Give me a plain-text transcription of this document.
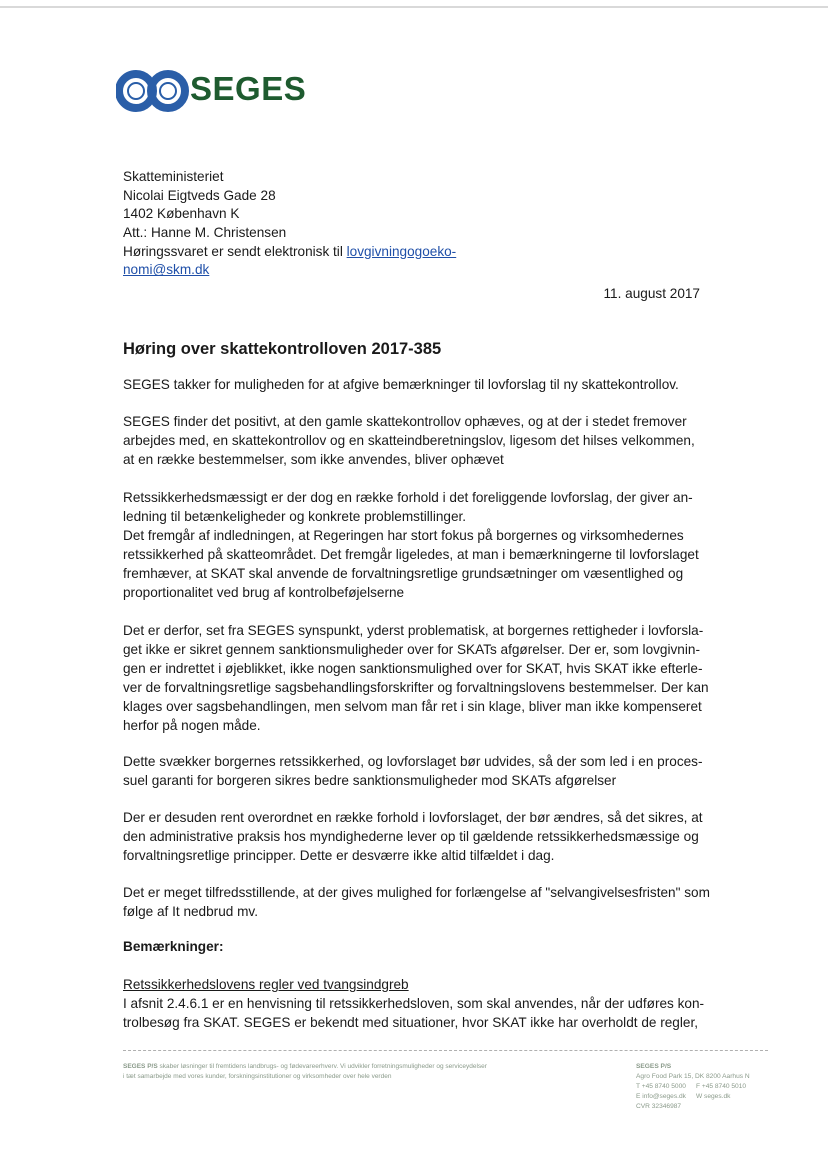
SEGES
Skatteministeriet
Nicolai Eigtveds Gade 28
1402 København K
Att.: Hanne M. Christensen
Høringssvaret er sendt elektronisk til lovgivningogoeko-
nomi@skm.dk
11. august 2017
Høring over skattekontrolloven 2017-385
SEGES takker for muligheden for at afgive bemærkninger til lovforslag til ny skattekontrollov.
SEGES finder det positivt, at den gamle skattekontrollov ophæves, og at der i stedet fremover
arbejdes med, en skattekontrollov og en skatteindberetningslov, ligesom det hilses velkommen,
at en række bestemmelser, som ikke anvendes, bliver ophævet
Retssikkerhedsmæssigt er der dog en række forhold i det foreliggende lovforslag, der giver an-
ledning til betænkeligheder og konkrete problemstillinger.
Det fremgår af indledningen, at Regeringen har stort fokus på borgernes og virksomhedernes
retssikkerhed på skatteområdet. Det fremgår ligeledes, at man i bemærkningerne til lovforslaget
fremhæver, at SKAT skal anvende de forvaltningsretlige grundsætninger om væsentlighed og
proportionalitet ved brug af kontrolbeføjelserne
Det er derfor, set fra SEGES synspunkt, yderst problematisk, at borgernes rettigheder i lovforsla-
get ikke er sikret gennem sanktionsmuligheder over for SKATs afgørelser. Der er, som lovgivnin-
gen er indrettet i øjeblikket, ikke nogen sanktionsmulighed over for SKAT, hvis SKAT ikke efterle-
ver de forvaltningsretlige sagsbehandlingsforskrifter og forvaltningslovens bestemmelser. Der kan
klages over sagsbehandlingen, men selvom man får ret i sin klage, bliver man ikke kompenseret
herfor på nogen måde.
Dette svækker borgernes retssikkerhed, og lovforslaget bør udvides, så der som led i en proces-
suel garanti for borgeren sikres bedre sanktionsmuligheder mod SKATs afgørelser
Der er desuden rent overordnet en række forhold i lovforslaget, der bør ændres, så det sikres, at
den administrative praksis hos myndighederne lever op til gældende retssikkerhedsmæssige og
forvaltningsretlige principper. Dette er desværre ikke altid tilfældet i dag.
Det er meget tilfredsstillende, at der gives mulighed for forlængelse af "selvangivelsesfristen" som
følge af It nedbrud mv.
Bemærkninger:
Retssikkerhedslovens regler ved tvangsindgreb
I afsnit 2.4.6.1 er en henvisning til retssikkerhedsloven, som skal anvendes, når der udføres kon-
trolbesøg fra SKAT. SEGES er bekendt med situationer, hvor SKAT ikke har overholdt de regler,
SEGES P/S skaber løsninger til fremtidens landbrugs- og fødevareerhverv. Vi udvikler forretningsmuligheder og serviceydelser
i tæt samarbejde med vores kunder, forskningsinstitutioner og virksomheder over hele verden
SEGES P/S
Agro Food Park 15, DK 8200 Aarhus N
T +45 8740 5000 F +45 8740 5010
E info@seges.dk W seges.dk
CVR 32346987
